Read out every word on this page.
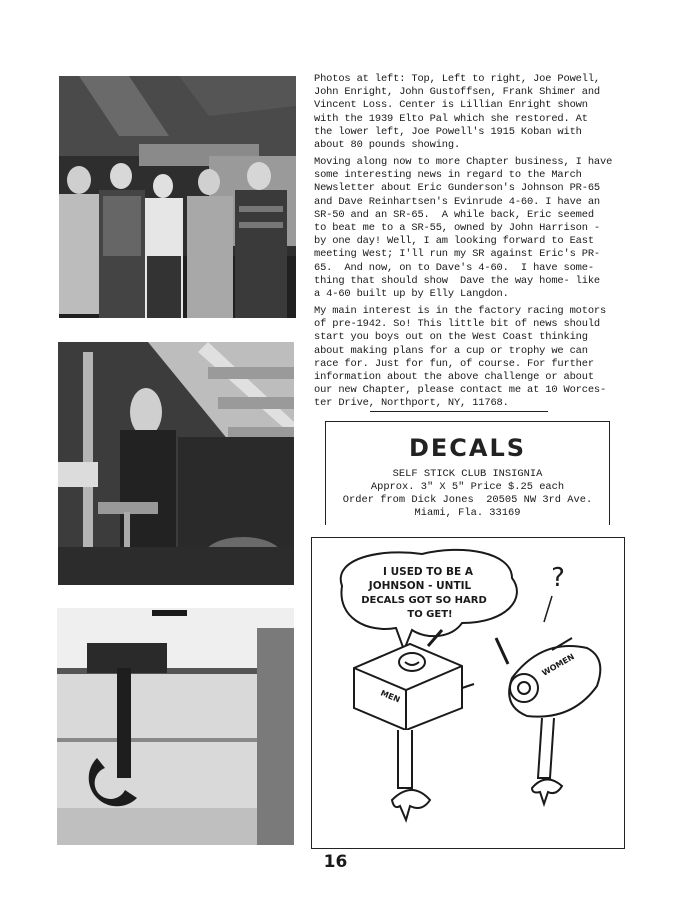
Photos at left: Top, Left to right, Joe Powell,

John Enright, John Gustoffsen, Frank Shimer and

Vincent Loss. Center is Lillian Enright shown

with the 1939 Elto Pal which she restored. At

the lower left, Joe Powell's 1915 Koban with

about 80 pounds showing.

Moving along now to more Chapter business, I have

some interesting news in regard to the March

Newsletter about Eric Gunderson's Johnson PR-65

and Dave Reinhartsen's Evinrude 4-60. I have an

SR-50 and an SR-65.  A while back, Eric seemed

to beat me to a SR-55, owned by John Harrison -

by one day! Well, I am looking forward to East

meeting West; I'll run my SR against Eric's PR-

65.  And now, on to Dave's 4-60.  I have some-

thing that should show  Dave the way home- like

a 4-60 built up by Elly Langdon.

My main interest is in the factory racing motors

of pre-1942. So! This little bit of news should

start you boys out on the West Coast thinking

about making plans for a cup or trophy we can

race for. Just for fun, of course. For further

information about the above challenge or about

our new Chapter, please contact me at 10 Worces-

ter Drive, Northport, NY, 11768.

DECALS
SELF STICK CLUB INSIGNIA
Approx. 3" X 5" Price $.25 each
Order from Dick Jones  20505 NW 3rd Ave.
Miami, Fla. 33169
I USED TO BE A
JOHNSON - UNTIL
DECALS GOT SO HARD
TO GET!
?
MEN
WOMEN
16
